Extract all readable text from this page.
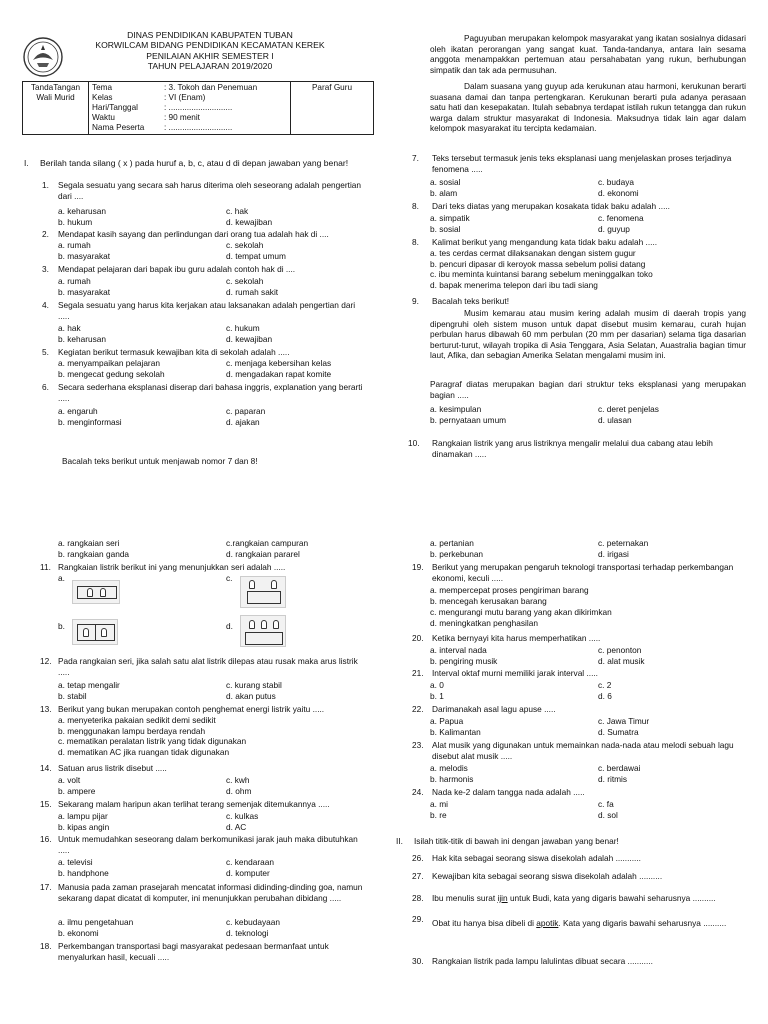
DINAS PENDIDIKAN KABUPATEN TUBAN
KORWILCAM BIDANG PENDIDIKAN KECAMATAN KEREK
PENILAIAN AKHIR SEMESTER I
TAHUN PELAJARAN 2019/2020
TandaTangan
Wali Murid

Tema	: 3. Tokoh dan Penemuan
Kelas	: VI (Enam)
Hari/Tanggal	: ............................
Waktu	: 90 menit
Nama Peserta	: ............................

Paraf Guru
I.	Berilah tanda silang ( x ) pada huruf a, b, c, atau d di depan jawaban yang benar!
1. Segala sesuatu yang secara sah harus diterima oleh seseorang adalah pengertian dari ....
a. keharusan
b. hukum
c. hak
d. kewajiban
2. Mendapat kasih sayang dan perlindungan dari orang tua adalah hak di ....
a. rumah
b. masyarakat
c. sekolah
d. tempat umum
3. Mendapat pelajaran dari bapak ibu guru adalah contoh hak di ....
a. rumah
b. masyarakat
c. sekolah
d. rumah sakit
4. Segala sesuatu yang harus kita kerjakan atau laksanakan adalah pengertian dari .....
a. hak
b. keharusan
c. hukum
d. kewajiban
5. Kegiatan berikut termasuk kewajiban kita di sekolah adalah .....
a. menyampaikan pelajaran
b. mengecat gedung sekolah
c. menjaga kebersihan kelas
d. mengadakan rapat komite
6. Secara sederhana eksplanasi diserap dari bahasa inggris, explanation yang berarti .....
a. engaruh
b. menginformasi
c. paparan
d. ajakan
Bacalah teks berikut untuk menjawab nomor 7 dan 8!
Paguyuban merupakan kelompok masyarakat yang ikatan sosialnya didasari oleh ikatan perorangan yang sangat kuat. Tanda-tandanya, antara lain sesama anggota menampakkan pertemuan atau persahabatan yang rukun, berhubungan simpatik dan tak ada permusuhan.
Dalam suasana yang guyup ada kerukunan atau harmoni, kerukunan berarti suasana damai dan tanpa pertengkaran. Kerukunan berarti pula adanya perasaan satu hati dan kesepakatan. Itulah sebabnya terdapat istilah rukun tetangga dan rukun warga dalam struktur masyarakat di Indonesia. Maksudnya tidak lain agar dalam kelompok masyarakat itu tercipta kedamaian.
7. Teks tersebut termasuk jenis teks eksplanasi uang menjelaskan proses terjadinya fenomena .....
a. sosial
b. alam
c. budaya
d. ekonomi
8. Dari teks diatas yang merupakan kosakata tidak baku adalah .....
a. simpatik
b. sosial
c. fenomena
d. guyup
8. Kalimat berikut yang mengandung kata tidak baku adalah .....
a. tes cerdas cermat dilaksanakan dengan sistem gugur
b. pencuri dipasar di keroyok massa sebelum polisi datang
c. ibu meminta kuintansi barang sebelum meninggalkan toko
d. bapak menerima telepon dari ibu tadi siang
9. Bacalah teks berikut!
a. kesimpulan
b. pernyataan umum
c. deret penjelas
d. ulasan
10. Rangkaian listrik yang arus listriknya mengalir melalui dua cabang atau lebih dinamakan .....
Musim kemarau atau musim kering adalah musim di daerah tropis yang dipengruhi oleh sistem muson untuk dapat disebut musim kemarau, curah hujan perbulan harus dibawah 60 mm perbulan (20 mm per dasarian) selama tiga dasarian berturut-turut, wilayah tropika di Asia Tenggara, Asia Selatan, Auastralia bagian timur laut, Afika, dan sebagian Amerika Selatan mengalami musim ini.
Paragraf diatas merupakan bagian dari struktur teks eksplanasi yang merupakan bagian .....
a. rangkaian seri
b. rangkaian ganda
c.rangkaian campuran
d. rangkaian pararel
11. Rangkaian listrik berikut ini yang menunjukkan seri adalah .....
a.	c.
b.	d.
12. Pada rangkaian seri, jika salah satu alat listrik dilepas atau rusak maka arus listrik .....
a. tetap mengalir
b. stabil
c. kurang stabil
d. akan putus
13. Berikut yang bukan merupakan contoh penghemat energi listrik yaitu .....
a. menyeterika pakaian sedikit demi sedikit
b. menggunakan lampu berdaya rendah
c. mematikan peralatan listrik yang tidak digunakan
d. mematikan AC jika ruangan tidak digunakan
14. Satuan arus listrik disebut .....
a. volt
b. ampere
c. kwh
d. ohm
15. Sekarang malam haripun akan terlihat terang semenjak ditemukannya .....
a. lampu pijar
b. kipas angin
c. kulkas
d. AC
16. Untuk memudahkan seseorang dalam berkomunikasi jarak jauh maka dibutuhkan .....
a. televisi
b. handphone
c. kendaraan
d. komputer
17. Manusia pada zaman prasejarah mencatat informasi didinding-dinding goa, namun sekarang dapat dicatat di komputer, ini menunjukkan perubahan dibidang .....
a. ilmu pengetahuan
b. ekonomi
c. kebudayaan
d. teknologi
18. Perkembangan transportasi bagi masyarakat pedesaan bermanfaat untuk menyalurkan hasil, kecuali .....
a. pertanian
b. perkebunan
c. peternakan
d. irigasi
19. Berikut yang merupakan pengaruh teknologi transportasi terhadap perkembangan ekonomi, keculi .....
a. mempercepat proses pengiriman barang
b. mencegah kerusakan barang
c. mengurangi mutu barang yang akan dikirimkan
d. meningkatkan penghasilan
20. Ketika bernyayi kita harus memperhatikan .....
a. interval nada
b. pengiring musik
c. penonton
d. alat musik
21. Interval oktaf murni memiliki jarak interval .....
a. 0
b. 1
c. 2
d. 6
22. Darimanakah asal lagu apuse .....
a. Papua
b. Kalimantan
c. Jawa Timur
d. Sumatra
23. Alat musik yang digunakan untuk memainkan nada-nada atau melodi sebuah lagu disebut alat musik .....
a. melodis
b. harmonis
c. berdawai
d. ritmis
24. Nada ke-2 dalam tangga nada adalah .....
a. mi
b. re
c. fa
d. sol
II. Isilah titik-titik di bawah ini dengan jawaban yang benar!
26. Hak kita sebagai seorang siswa disekolah adalah ...........
27. Kewajiban kita sebagai seorang siswa disekolah adalah ..........
28. Ibu menulis surat ijin untuk Budi, kata yang digaris bawahi seharusnya ..........
29. Obat itu hanya bisa dibeli di apotik. Kata yang digaris bawahi seharusnya ..........
30. Rangkaian listrik pada lampu lalulintas dibuat secara ...........
